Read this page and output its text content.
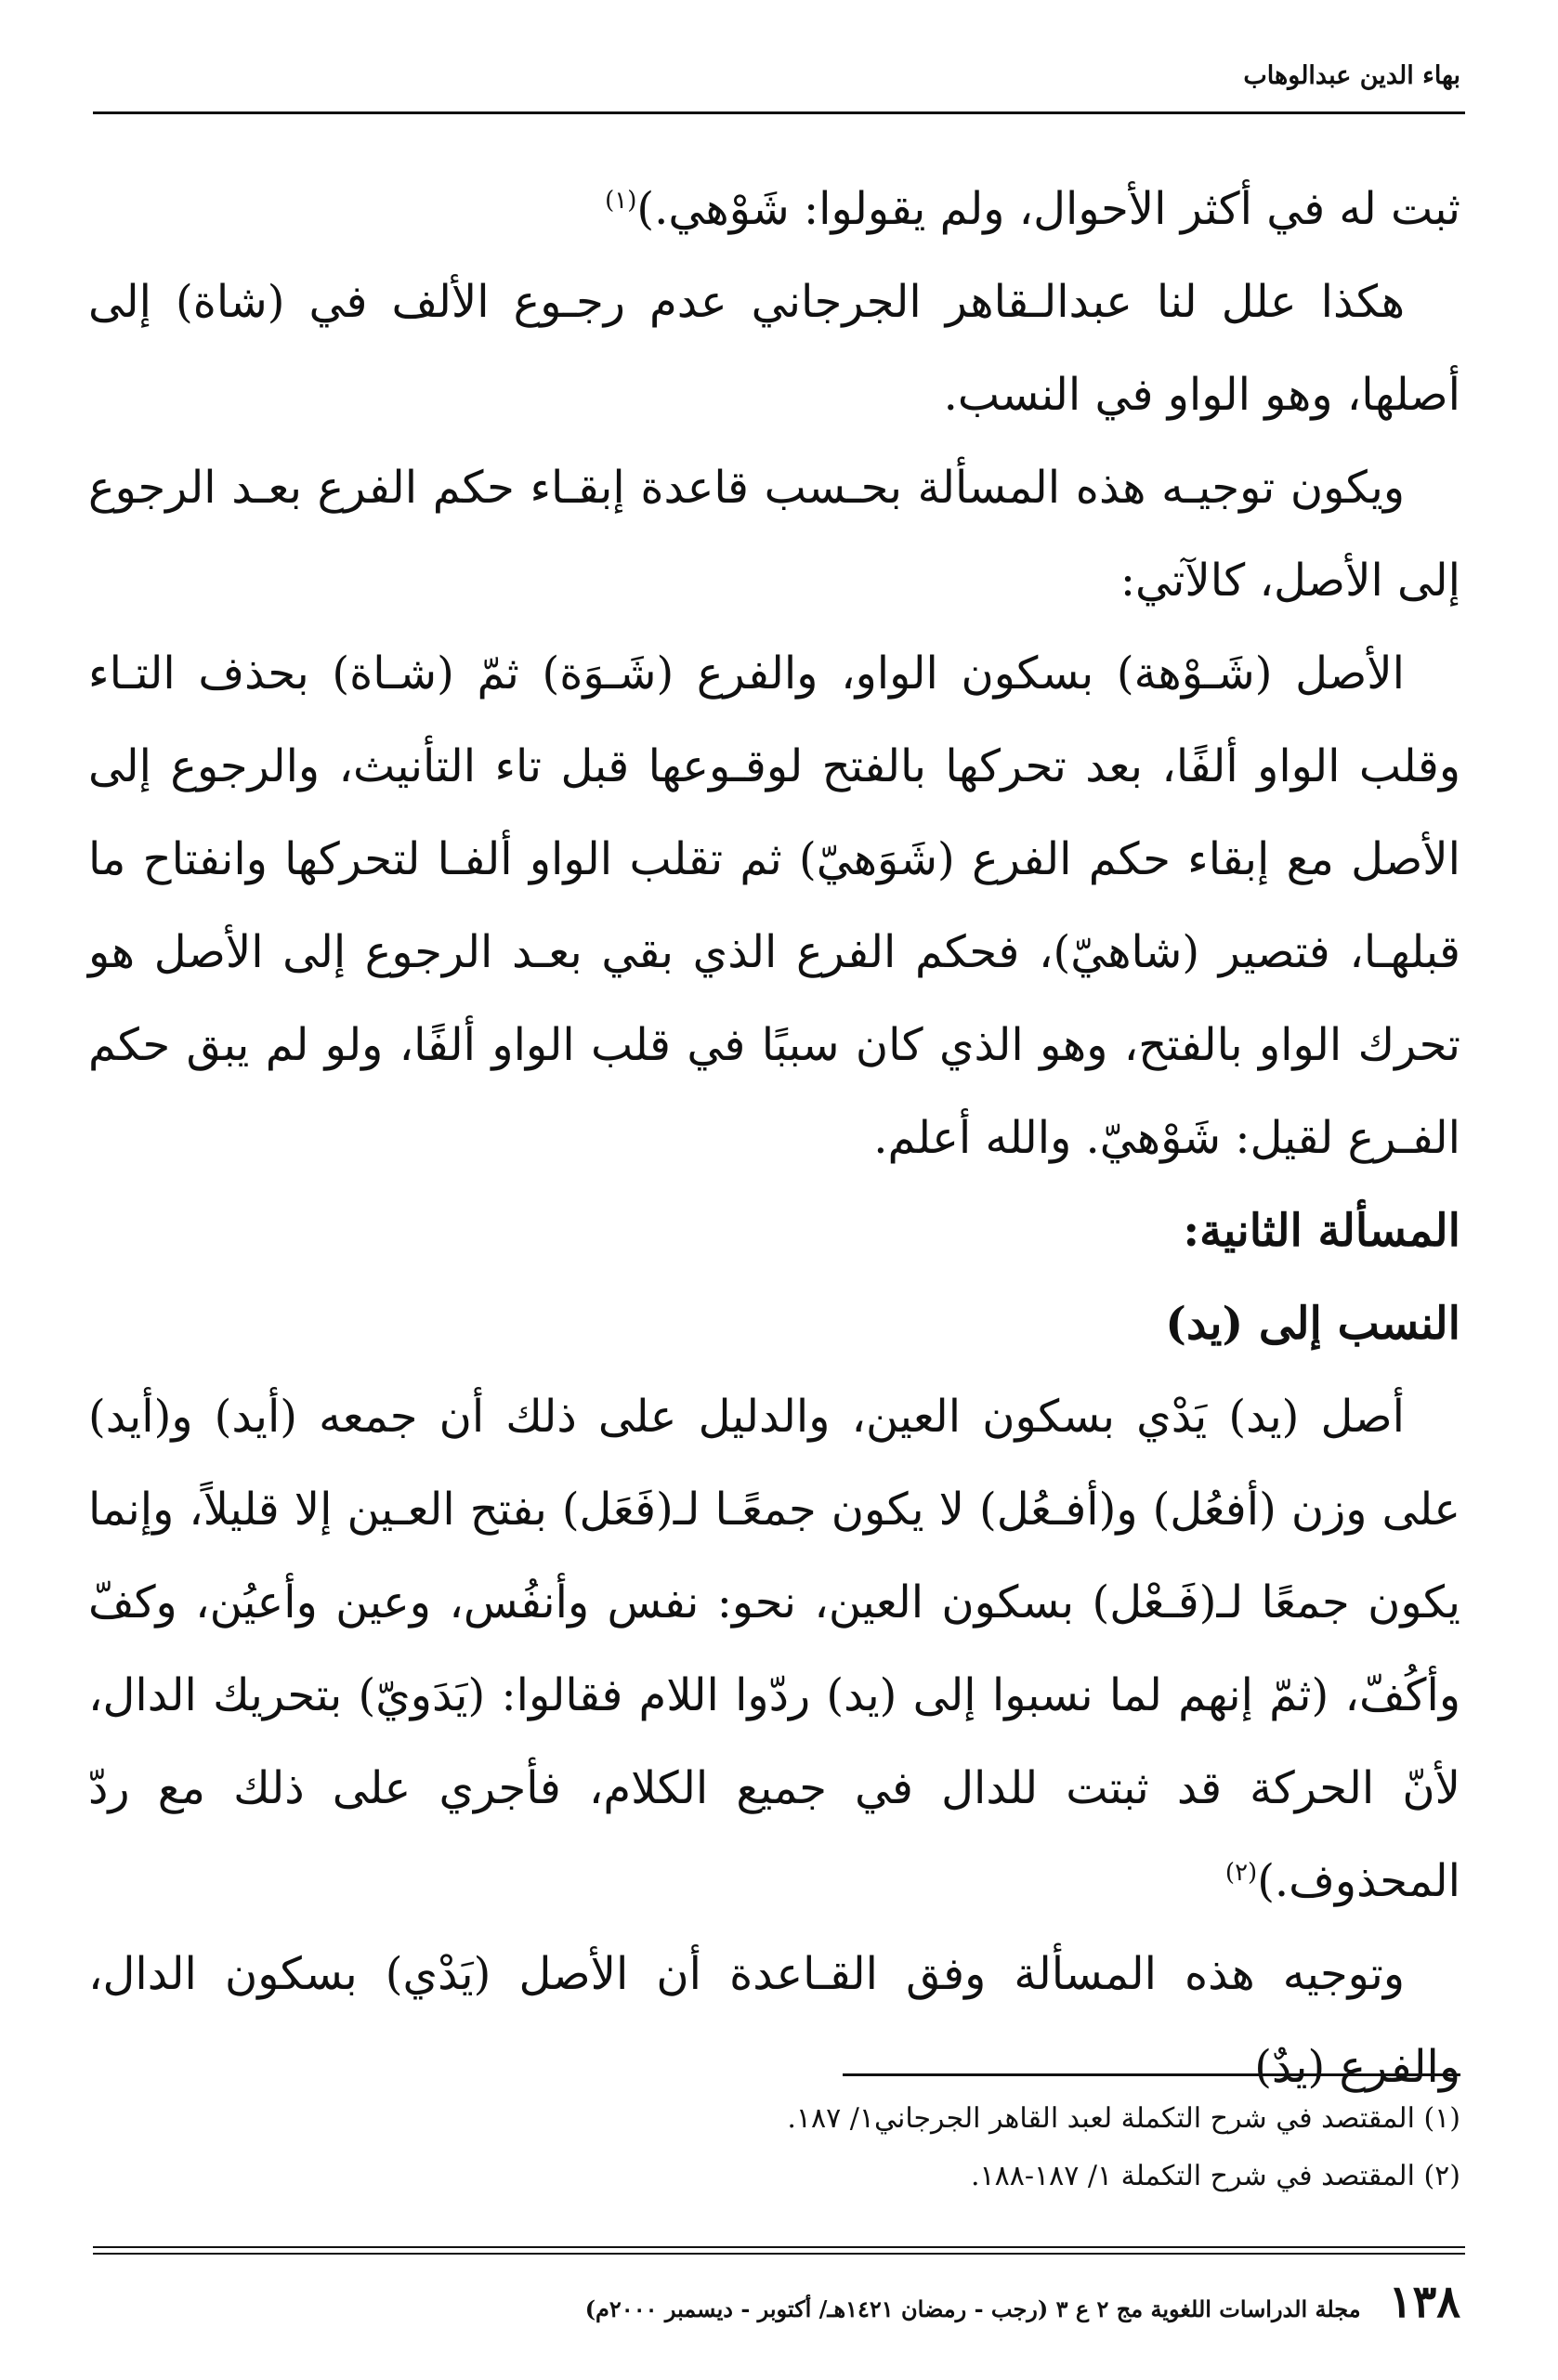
بهاء الدين عبدالوهاب

ثبت له في أكثر الأحوال، ولم يقولوا: شَوْهي.)$^{(١)}$

هكذا علل لنا عبدالـقاهر الجرجاني عدم رجـوع الألف في (شاة) إلى أصلها، وهو الواو في النسب.

ويكون توجيـه هذه المسألة بحـسب قاعدة إبقـاء حكم الفرع بعـد الرجوع إلى الأصل، كالآتي:

الأصل (شَـوْهة) بسكون الواو، والفرع (شَـوَة) ثمّ (شـاة) بحذف التـاء وقلب الواو ألفًا، بعد تحركها بالفتح لوقـوعها قبل تاء التأنيث، والرجوع إلى الأصل مع إبقاء حكم الفرع (شَوَهيّ) ثم تقلب الواو ألفـا لتحركها وانفتاح ما قبلهـا، فتصير (شاهيّ)، فحكم الفرع الذي بقي بعـد الرجوع إلى الأصل هو تحرك الواو بالفتح، وهو الذي كان سببًا في قلب الواو ألفًا، ولو لم يبق حكم الفـرع لقيل: شَوْهيّ. والله أعلم.

المسألة الثانية:

النسب إلى (يد)

أصل (يد) يَدْي بسكون العين، والدليل على ذلك أن جمعه (أيد) و(أيد) على وزن (أفعُل) و(أفـعُل) لا يكون جمعًـا لـ(فَعَل) بفتح العـين إلا قليلاً، وإنما يكون جمعًا لـ(فَـعْل) بسكون العين، نحو: نفس وأنفُس، وعين وأعيُن، وكفّ وأكُفّ، (ثمّ إنهم لما نسبوا إلى (يد) ردّوا اللام فقالوا: (يَدَويّ) بتحريك الدال، لأنّ الحركة قد ثبتت للدال في جميع الكلام، فأجري على ذلك مع ردّ المحذوف.)$^{(٢)}$

وتوجيه هذه المسألة وفق القـاعدة أن الأصل (يَدْي) بسكون الدال، والفرع (يدٌ)

(١) المقتصد في شرح التكملة لعبد القاهر الجرجاني١/ ١٨٧.
(٢) المقتصد في شرح التكملة ١/ ١٨٧-١٨٨.
١٣٨
مجلة الدراسات اللغوية مج ٢ ع ٣ (رجب - رمضان ١٤٢١هـ/ أكتوبر - ديسمبر ٢٠٠٠م)
